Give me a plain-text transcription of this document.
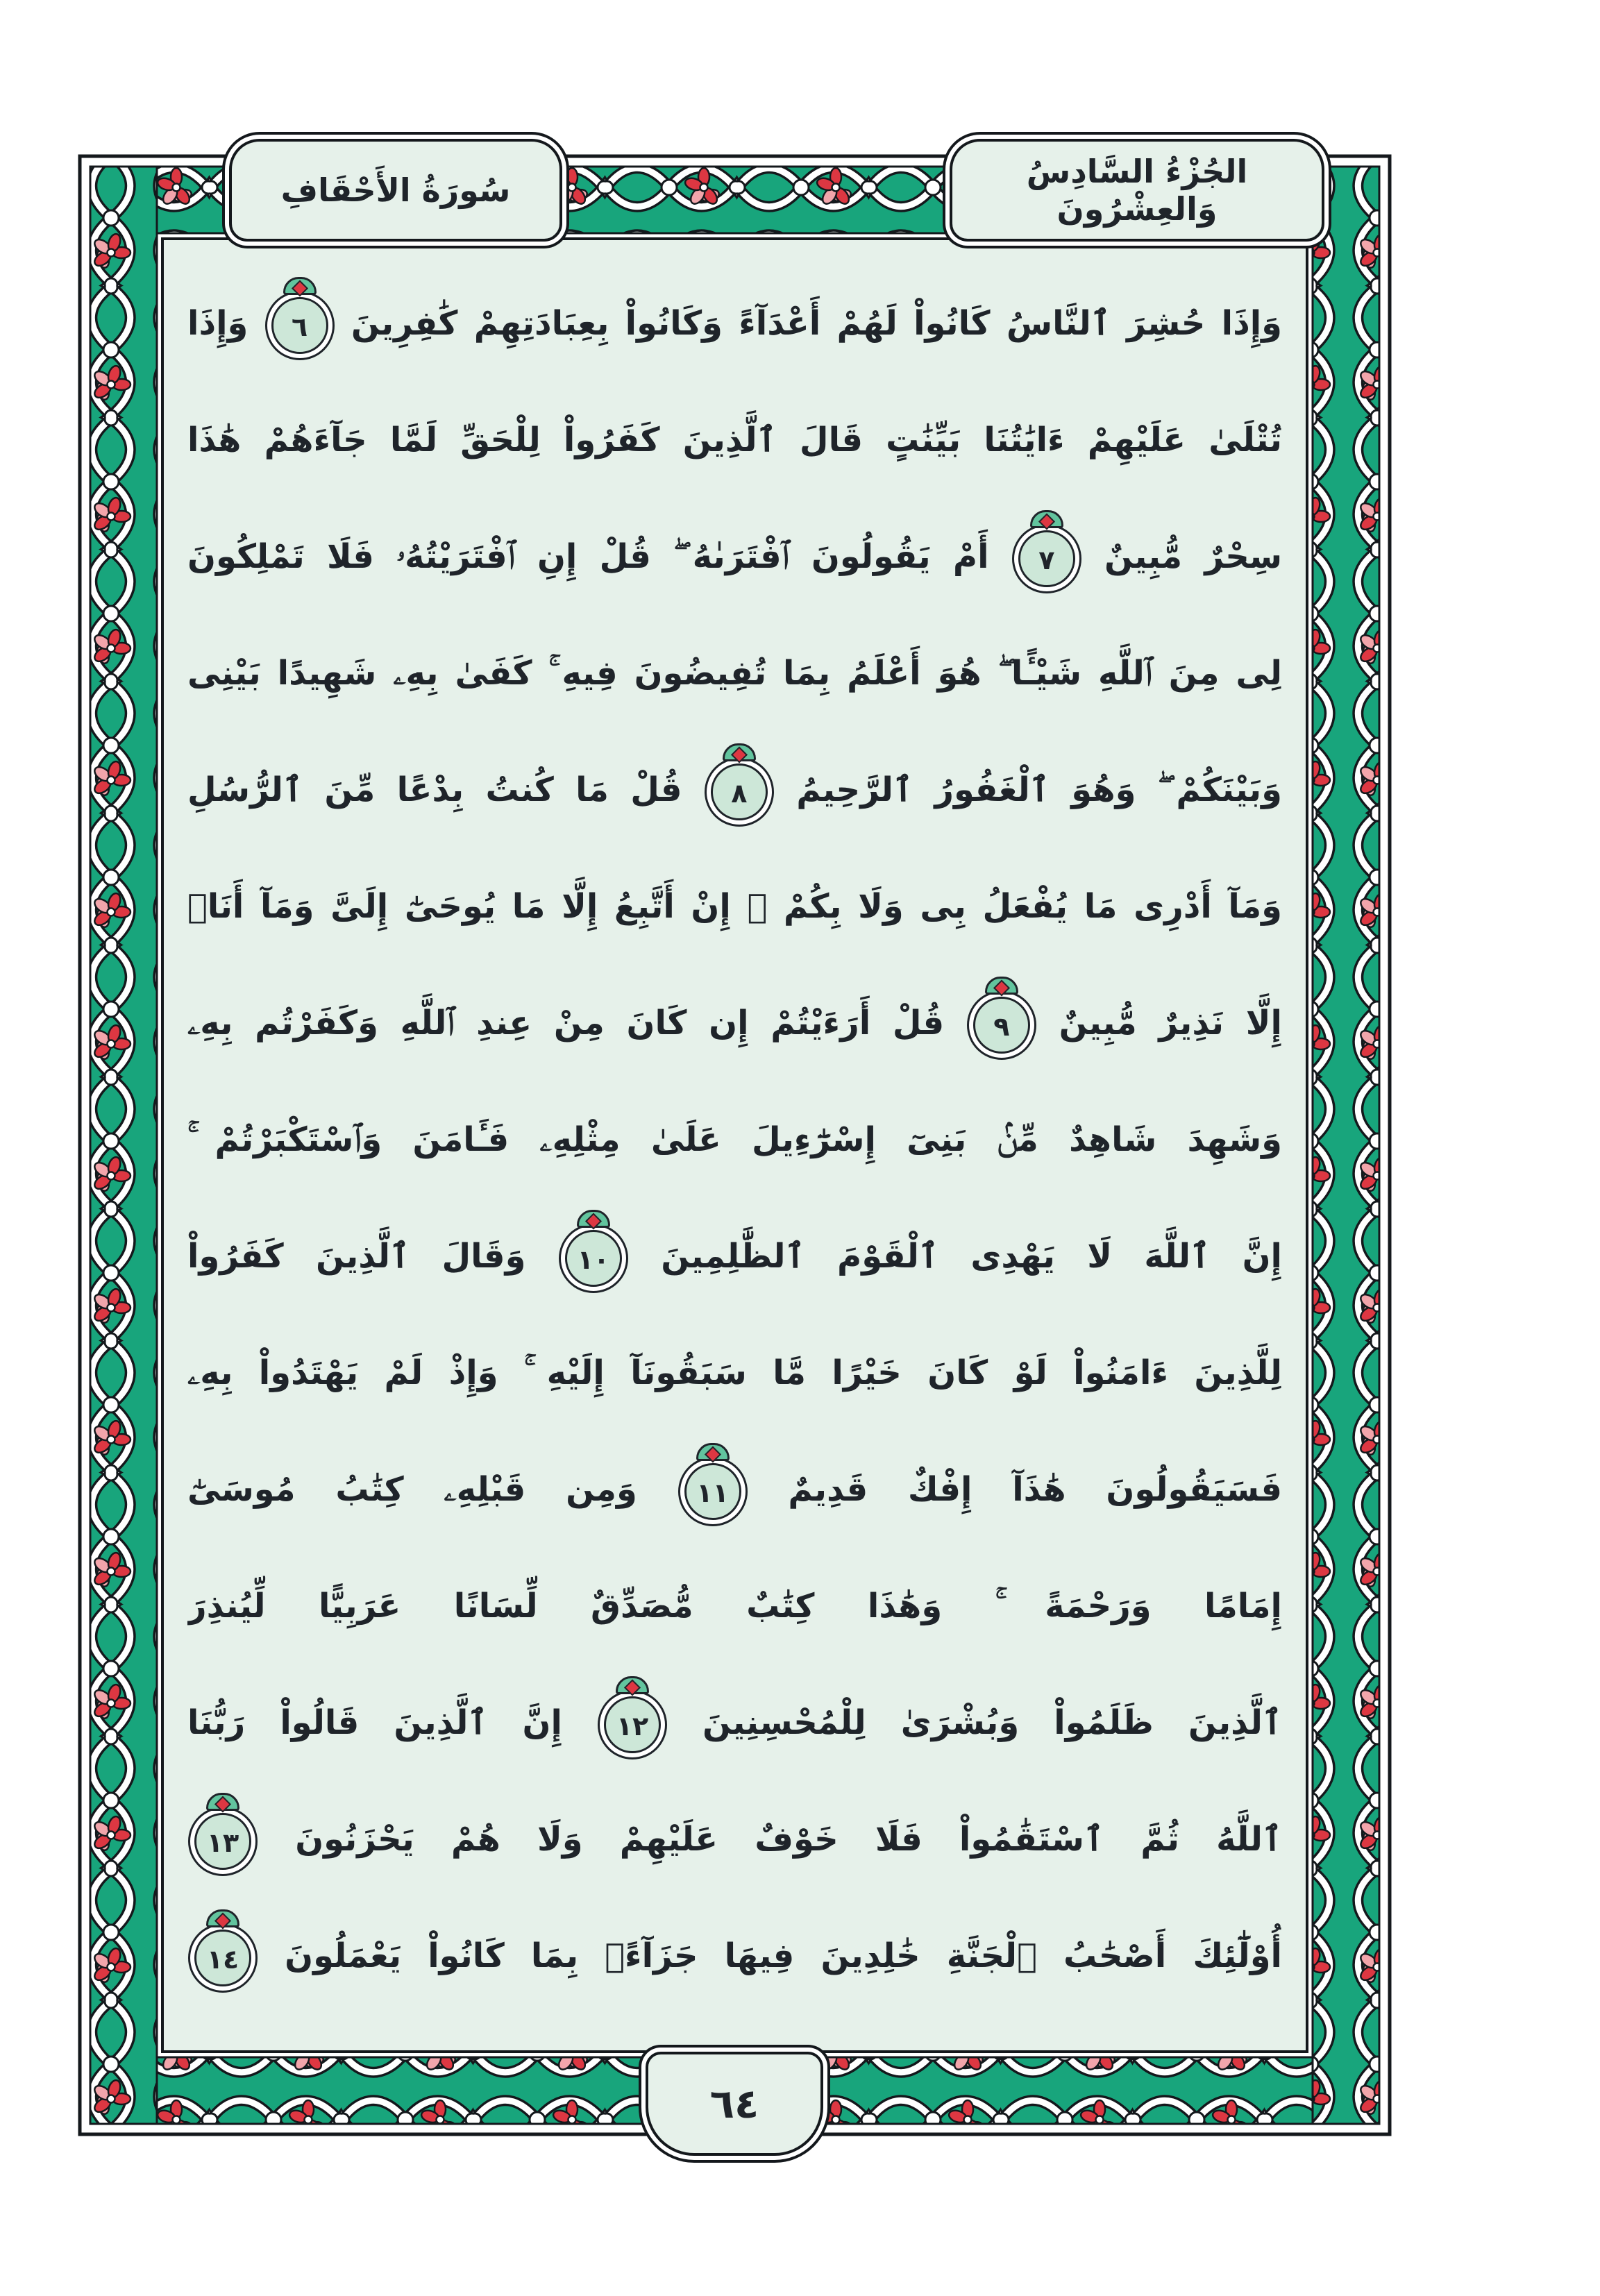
سُورَةُ الأَحْقَافِ	الجُزْءُ السَّادِسُ وَالعِشْرُونَ
وَإِذَا حُشِرَ ٱلنَّاسُ كَانُواْ لَهُمْ أَعْدَآءً وَكَانُواْ بِعِبَادَتِهِمْ كَٰفِرِينَ
٦
وَإِذَا
تُتْلَىٰ عَلَيْهِمْ ءَايَٰتُنَا بَيِّنَٰتٍ قَالَ ٱلَّذِينَ كَفَرُواْ لِلْحَقِّ لَمَّا جَآءَهُمْ هَٰذَا
سِحْرٌ مُّبِينٌ
٧
أَمْ يَقُولُونَ ٱفْتَرَىٰهُ ۖ قُلْ إِنِ ٱفْتَرَيْتُهُۥ فَلَا تَمْلِكُونَ
لِى مِنَ ٱللَّهِ شَيْـًٔا ۖ هُوَ أَعْلَمُ بِمَا تُفِيضُونَ فِيهِ ۚ كَفَىٰ بِهِۦ شَهِيدًا بَيْنِى
وَبَيْنَكُمْ ۖ وَهُوَ ٱلْغَفُورُ ٱلرَّحِيمُ
٨
قُلْ مَا كُنتُ بِدْعًا مِّنَ ٱلرُّسُلِ
وَمَآ أَدْرِى مَا يُفْعَلُ بِى وَلَا بِكُمْ ۖ إِنْ أَتَّبِعُ إِلَّا مَا يُوحَىٰٓ إِلَىَّ وَمَآ أَنَا۠
إِلَّا نَذِيرٌ مُّبِينٌ
٩
قُلْ أَرَءَيْتُمْ إِن كَانَ مِنْ عِندِ ٱللَّهِ وَكَفَرْتُم بِهِۦ
وَشَهِدَ شَاهِدٌ مِّنۢ بَنِىٓ إِسْرَٰٓءِيلَ عَلَىٰ مِثْلِهِۦ فَـَٔامَنَ وَٱسْتَكْبَرْتُمْ ۚ
إِنَّ ٱللَّهَ لَا يَهْدِى ٱلْقَوْمَ ٱلظَّٰلِمِينَ
١٠
وَقَالَ ٱلَّذِينَ كَفَرُواْ
لِلَّذِينَ ءَامَنُواْ لَوْ كَانَ خَيْرًا مَّا سَبَقُونَآ إِلَيْهِ ۚ وَإِذْ لَمْ يَهْتَدُواْ بِهِۦ
فَسَيَقُولُونَ هَٰذَآ إِفْكٌ قَدِيمٌ
١١
وَمِن قَبْلِهِۦ كِتَٰبُ مُوسَىٰٓ
إِمَامًا وَرَحْمَةً ۚ وَهَٰذَا كِتَٰبٌ مُّصَدِّقٌ لِّسَانًا عَرَبِيًّا لِّيُنذِرَ
ٱلَّذِينَ ظَلَمُواْ وَبُشْرَىٰ لِلْمُحْسِنِينَ
١٢
إِنَّ ٱلَّذِينَ قَالُواْ رَبُّنَا
ٱللَّهُ ثُمَّ ٱسْتَقَٰمُواْ فَلَا خَوْفٌ عَلَيْهِمْ وَلَا هُمْ يَحْزَنُونَ
١٣
أُوْلَٰٓئِكَ أَصْحَٰبُ ٱلْجَنَّةِ خَٰلِدِينَ فِيهَا جَزَآءًۢ بِمَا كَانُواْ يَعْمَلُونَ
١٤
٦٤
